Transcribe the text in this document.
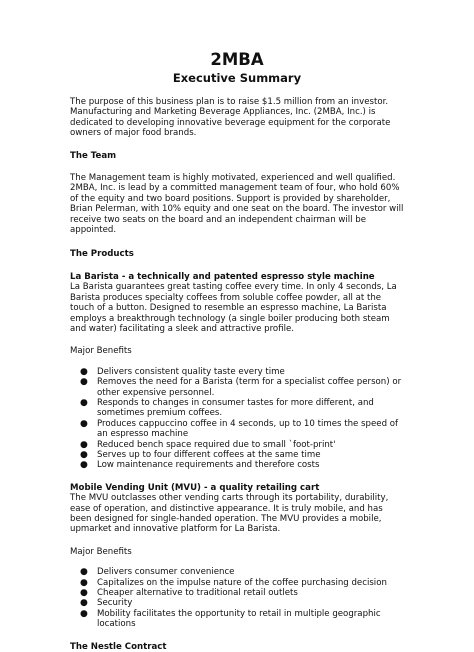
2MBA
Executive Summary

The purpose of this business plan is to raise $1.5 million from an investor. Manufacturing and Marketing Beverage Appliances, Inc. (2MBA, Inc.) is dedicated to developing innovative beverage equipment for the corporate owners of major food brands.

The Team

The Management team is highly motivated, experienced and well qualified. 2MBA, Inc. is lead by a committed management team of four, who hold 60% of the equity and two board positions. Support is provided by shareholder, Brian Pelerman, with 10% equity and one seat on the board. The investor will receive two seats on the board and an independent chairman will be appointed.

The Products
La Barista - a technically and patented espresso style machine

La Barista guarantees great tasting coffee every time. In only 4 seconds, La Barista produces specialty coffees from soluble coffee powder, all at the touch of a button. Designed to resemble an espresso machine, La Barista employs a breakthrough technology (a single boiler producing both steam and water) facilitating a sleek and attractive profile.

Major Benefits

● Delivers consistent quality taste every time
● Removes the need for a Barista (term for a specialist coffee person) or other expensive personnel.
● Responds to changes in consumer tastes for more different, and sometimes premium coffees.
● Produces cappuccino coffee in 4 seconds, up to 10 times the speed of an espresso machine
● Reduced bench space required due to small `foot-print'
● Serves up to four different coffees at the same time
● Low maintenance requirements and therefore costs
Mobile Vending Unit (MVU) - a quality retailing cart

The MVU outclasses other vending carts through its portability, durability, ease of operation, and distinctive appearance. It is truly mobile, and has been designed for single-handed operation. The MVU provides a mobile, upmarket and innovative platform for La Barista.

Major Benefits

● Delivers consumer convenience
● Capitalizes on the impulse nature of the coffee purchasing decision
● Cheaper alternative to traditional retail outlets
● Security
● Mobility facilitates the opportunity to retail in multiple geographic locations
The Nestle Contract
